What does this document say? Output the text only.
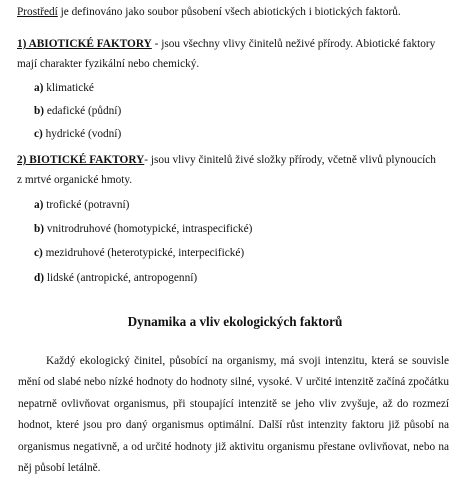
Prostředí je definováno jako soubor působení všech abiotických i biotických faktorů.
1) ABIOTICKÉ FAKTORY - jsou všechny vlivy činitelů neživé přírody. Abiotické faktory
mají charakter fyzikální nebo chemický.
a) klimatické
b) edafické (půdní)
c) hydrické (vodní)
2) BIOTICKÉ FAKTORY- jsou vlivy činitelů živé složky přírody, včetně vlivů plynoucích
z mrtvé organické hmoty.
a) trofické (potravní)
b) vnitrodruhové (homotypické, intraspecifické)
c) mezidruhové (heterotypické, interpecifické)
d) lidské (antropické, antropogenní)
Dynamika a vliv ekologických faktorů
Každý ekologický činitel, působící na organismy, má svoji intenzitu, která se souvisle mění od slabé nebo nízké hodnoty do hodnoty silné, vysoké. V určité intenzitě začíná zpočátku nepatrně ovlivňovat organismus, při stoupající intenzitě se jeho vliv zvyšuje, až do rozmezí hodnot, které jsou pro daný organismus optimální. Další růst intenzity faktoru již působí na organismus negativně, a od určité hodnoty již aktivitu organismu přestane ovlivňovat, nebo na něj působí letálně.
